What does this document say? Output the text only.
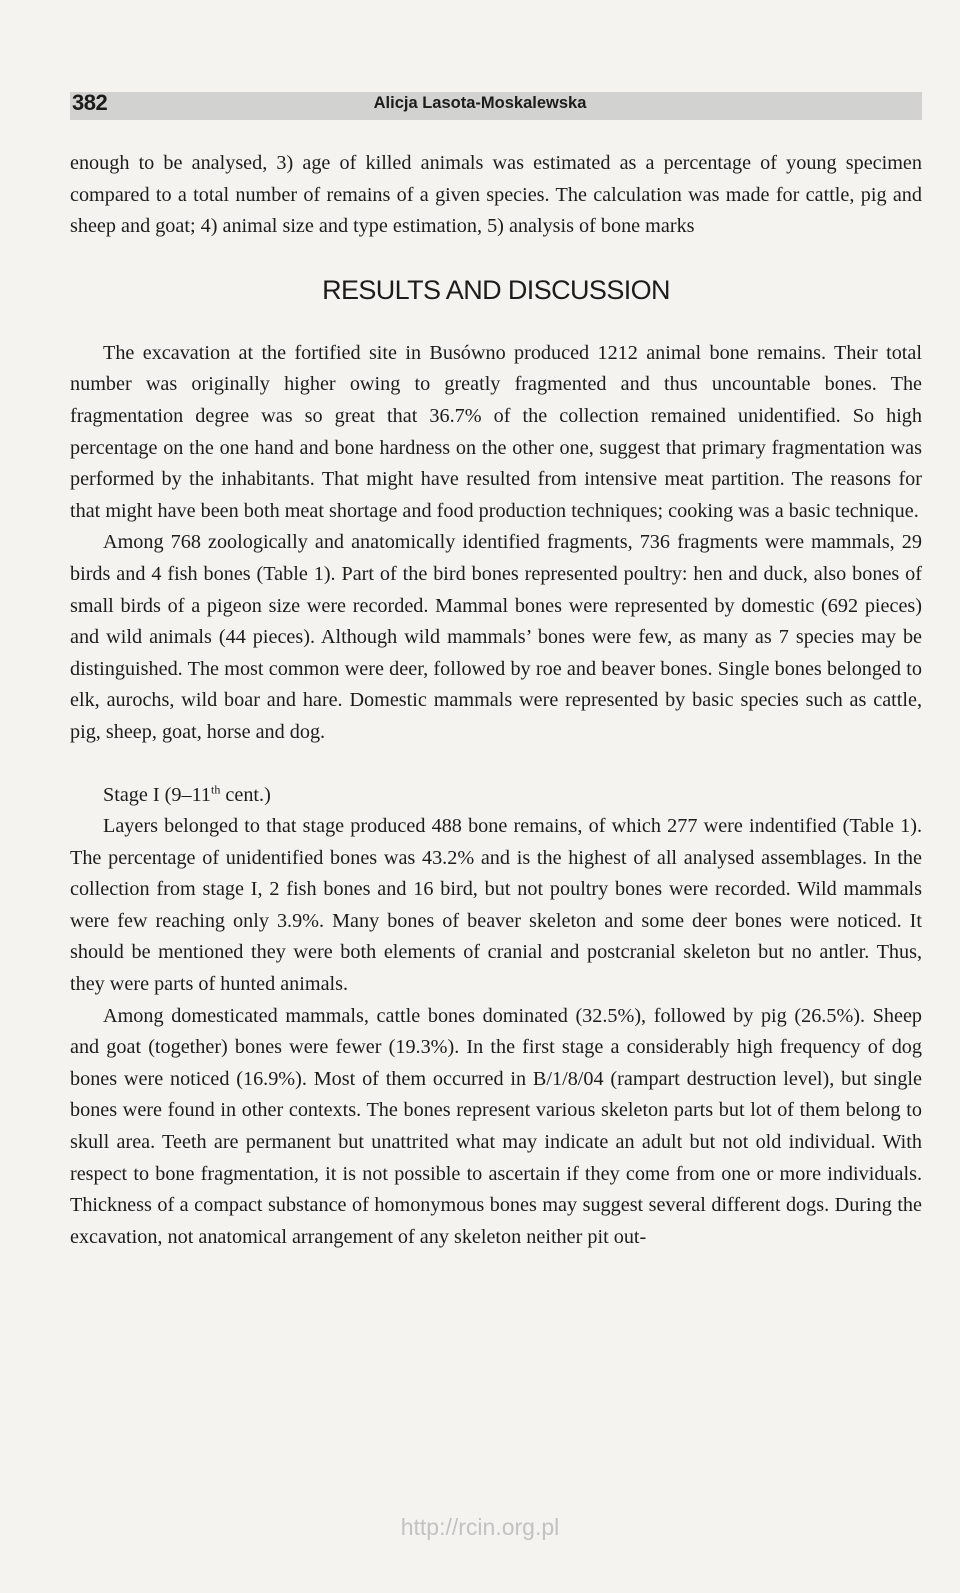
382	Alicja Lasota-Moskalewska

enough to be analysed, 3) age of killed animals was estimated as a percentage of young specimen compared to a total number of remains of a given species. The calculation was made for cattle, pig and sheep and goat; 4) animal size and type estimation, 5) analysis of bone marks

RESULTS AND DISCUSSION

The excavation at the fortified site in Busówno produced 1212 animal bone remains. Their total number was originally higher owing to greatly fragmented and thus uncountable bones. The fragmentation degree was so great that 36.7% of the collection remained unidentified. So high percentage on the one hand and bone hardness on the other one, suggest that primary fragmentation was performed by the inhabitants. That might have resulted from intensive meat partition. The reasons for that might have been both meat shortage and food production techniques; cooking was a basic technique.

Among 768 zoologically and anatomically identified fragments, 736 fragments were mammals, 29 birds and 4 fish bones (Table 1). Part of the bird bones represented poultry: hen and duck, also bones of small birds of a pigeon size were recorded. Mammal bones were represented by domestic (692 pieces) and wild animals (44 pieces). Although wild mammals’ bones were few, as many as 7 species may be distinguished. The most common were deer, followed by roe and beaver bones. Single bones belonged to elk, aurochs, wild boar and hare. Domestic mammals were represented by basic species such as cattle, pig, sheep, goat, horse and dog.

Stage I (9–11th cent.)

Layers belonged to that stage produced 488 bone remains, of which 277 were indentified (Table 1). The percentage of unidentified bones was 43.2% and is the highest of all analysed assemblages. In the collection from stage I, 2 fish bones and 16 bird, but not poultry bones were recorded. Wild mammals were few reaching only 3.9%. Many bones of beaver skeleton and some deer bones were noticed. It should be mentioned they were both elements of cranial and postcranial skeleton but no antler. Thus, they were parts of hunted animals.

Among domesticated mammals, cattle bones dominated (32.5%), followed by pig (26.5%). Sheep and goat (together) bones were fewer (19.3%). In the first stage a considerably high frequency of dog bones were noticed (16.9%). Most of them occurred in B/1/8/04 (rampart destruction level), but single bones were found in other contexts. The bones represent various skeleton parts but lot of them belong to skull area. Teeth are permanent but unattrited what may indicate an adult but not old individual. With respect to bone fragmentation, it is not possible to ascertain if they come from one or more individuals. Thickness of a compact substance of homonymous bones may suggest several different dogs. During the excavation, not anatomical arrangement of any skeleton neither pit out-

http://rcin.org.pl
